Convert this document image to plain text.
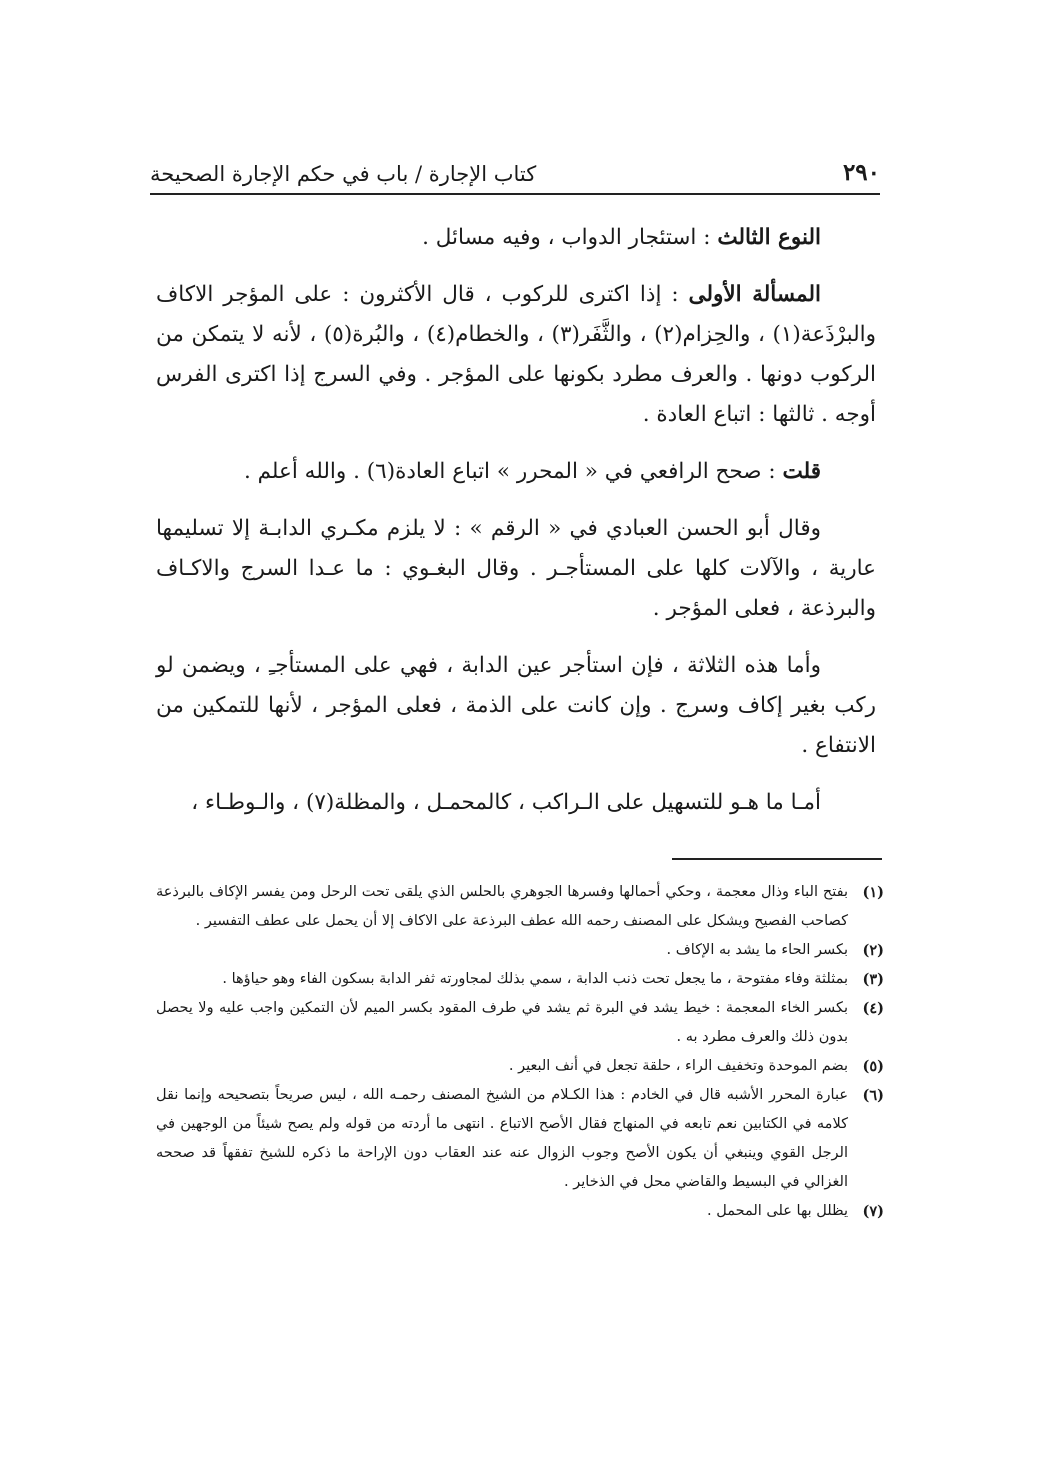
٢٩٠
كتاب الإجارة / باب في حكم الإجارة الصحيحة

النوع الثالث : استئجار الدواب ، وفيه مسائل .

المسألة الأولى : إذا اكترى للركوب ، قال الأكثرون : على المؤجر الاكاف والبرْذَعة(١) ، والحِزام(٢) ، والثَّفَر(٣) ، والخطام(٤) ، والبُرة(٥) ، لأنه لا يتمكن من الركوب دونها . والعرف مطرد بكونها على المؤجر . وفي السرج إذا اكترى الفرس أوجه . ثالثها : اتباع العادة .

قلت : صحح الرافعي في « المحرر » اتباع العادة(٦) . والله أعلم .

وقال أبو الحسن العبادي في « الرقم » : لا يلزم مكـري الدابـة إلا تسليمها عارية ، والآلات كلها على المستأجـر . وقال البغـوي : ما عـدا السرج والاكـاف والبرذعة ، فعلى المؤجر .

وأما هذه الثلاثة ، فإن استأجر عين الدابة ، فهي على المستأجـِ ، ويضمن لو ركب بغير إكاف وسرج . وإن كانت على الذمة ، فعلى المؤجر ، لأنها للتمكين من الانتفاع .

أمـا ما هـو للتسهيل على الـراكب ، كالمحمـل ، والمظلة(٧) ، والـوطـاء ،

(١)
بفتح الباء وذال معجمة ، وحكي أحمالها وفسرها الجوهري بالحلس الذي يلقى تحت الرحل ومن يفسر الإكاف بالبرذعة كصاحب الفصيح ويشكل على المصنف رحمه الله عطف البرذعة على الاكاف إلا أن يحمل على عطف التفسير .
(٢)
بكسر الحاء ما يشد به الإكاف .
(٣)
بمثلثة وفاء مفتوحة ، ما يجعل تحت ذنب الدابة ، سمي بذلك لمجاورته ثفر الدابة بسكون الفاء وهو حياؤها .
(٤)
بكسر الخاء المعجمة : خيط يشد في البرة ثم يشد في طرف المقود بكسر الميم لأن التمكين واجب عليه ولا يحصل بدون ذلك والعرف مطرد به .
(٥)
بضم الموحدة وتخفيف الراء ، حلقة تجعل في أنف البعير .
(٦)
عبارة المحرر الأشبه قال في الخادم : هذا الكـلام من الشيخ المصنف رحمـه الله ، ليس صريحاً بتصحيحه وإنما نقل كلامه في الكتابين نعم تابعه في المنهاج فقال الأصح الاتباع . انتهى ما أردته من قوله ولم يصح شيئاً من الوجهين في الرجل القوي وينبغي أن يكون الأصح وجوب الزوال عنه عند العقاب دون الإراحة ما ذكره للشيخ تفقهاً قد صححه الغزالي في البسيط والقاضي محل في الذخاير .
(٧)
يظلل بها على المحمل .
